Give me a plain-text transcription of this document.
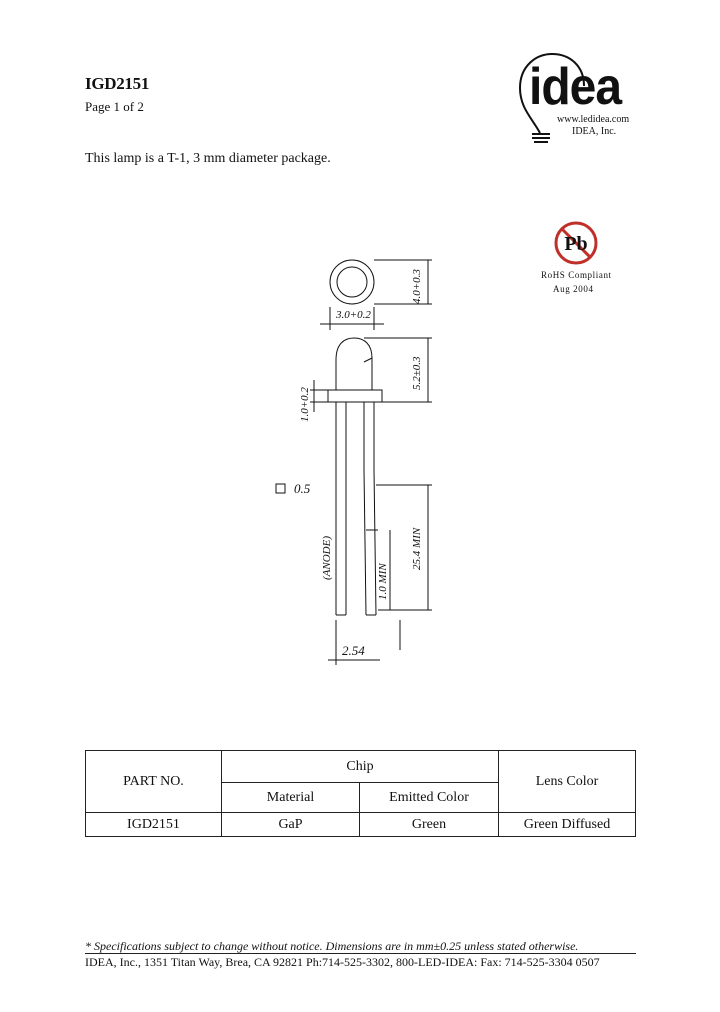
IGD2151
Page 1 of 2	idea
www.ledidea.com
IDEA, Inc.
This lamp is a T-1, 3 mm diameter package.
Pb
RoHS Compliant
Aug 2004
4.0+0.3
3.0+0.2
5.2±0.3
1.0+0.2
0.5
25.4 MIN
1.0 MIN
(ANODE)
2.54
PART NO.	Chip		Lens Color
	Material	Emitted Color	
IGD2151	GaP	Green	Green Diffused
* Specifications subject to change without notice. Dimensions are in mm±0.25 unless stated otherwise.
IDEA, Inc., 1351 Titan Way, Brea, CA 92821 Ph:714-525-3302, 800-LED-IDEA: Fax: 714-525-3304 0507
